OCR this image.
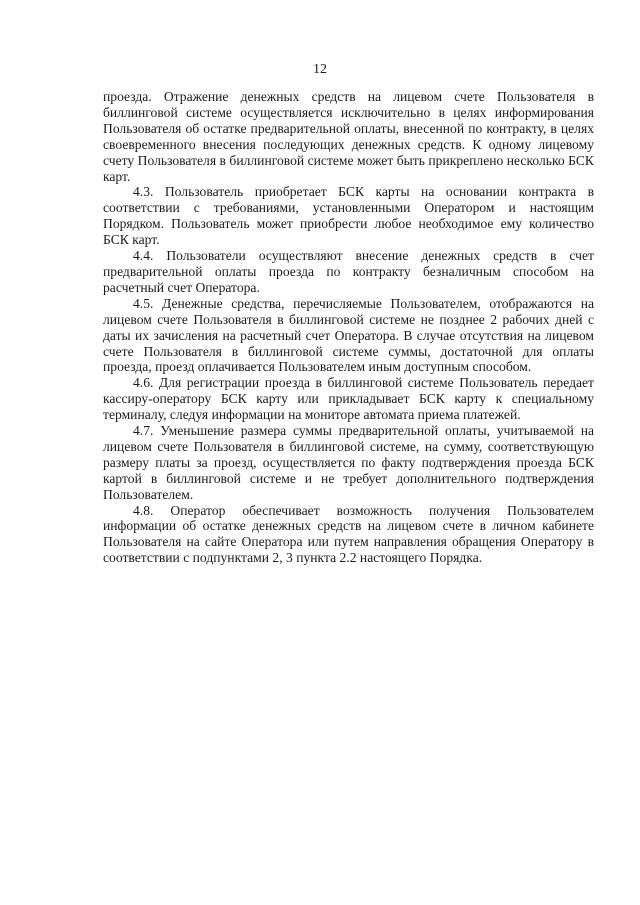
12

проезда. Отражение денежных средств на лицевом счете Пользователя в биллинговой системе осуществляется исключительно в целях информирования Пользователя об остатке предварительной оплаты, внесенной по контракту, в целях своевременного внесения последующих денежных средств. К одному лицевому счету Пользователя в биллинговой системе может быть прикреплено несколько БСК карт.

4.3. Пользователь приобретает БСК карты на основании контракта в соответствии с требованиями, установленными Оператором и настоящим Порядком. Пользователь может приобрести любое необходимое ему количество БСК карт.

4.4. Пользователи осуществляют внесение денежных средств в счет предварительной оплаты проезда по контракту безналичным способом на расчетный счет Оператора.

4.5. Денежные средства, перечисляемые Пользователем, отображаются на лицевом счете Пользователя в биллинговой системе не позднее 2 рабочих дней с даты их зачисления на расчетный счет Оператора. В случае отсутствия на лицевом счете Пользователя в биллинговой системе суммы, достаточной для оплаты проезда, проезд оплачивается Пользователем иным доступным способом.

4.6. Для регистрации проезда в биллинговой системе Пользователь передает кассиру-оператору БСК карту или прикладывает БСК карту к специальному терминалу, следуя информации на мониторе автомата приема платежей.

4.7. Уменьшение размера суммы предварительной оплаты, учитываемой на лицевом счете Пользователя в биллинговой системе, на сумму, соответствующую размеру платы за проезд, осуществляется по факту подтверждения проезда БСК картой в биллинговой системе и не требует дополнительного подтверждения Пользователем.

4.8. Оператор обеспечивает возможность получения Пользователем информации об остатке денежных средств на лицевом счете в личном кабинете Пользователя на сайте Оператора или путем направления обращения Оператору в соответствии с подпунктами 2, 3 пункта 2.2 настоящего Порядка.
